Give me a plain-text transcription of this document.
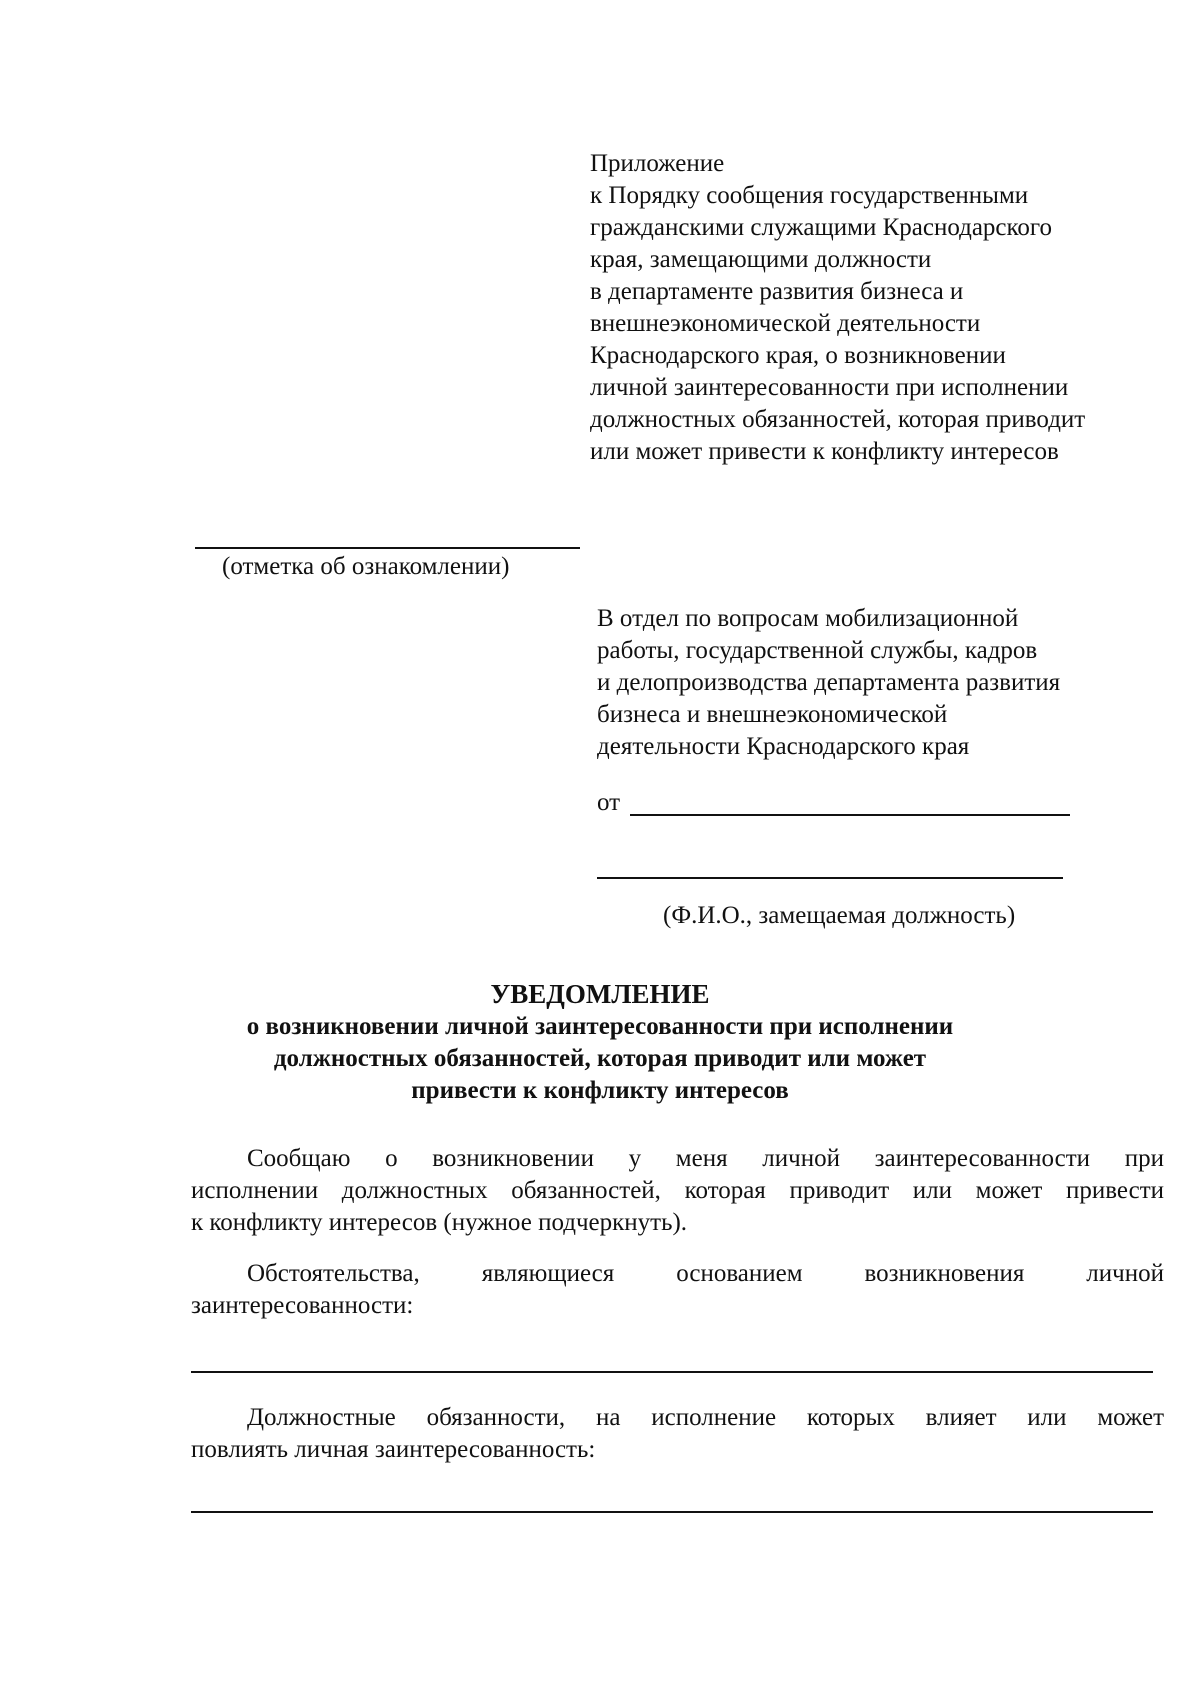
Приложение
к Порядку сообщения государственными
гражданскими служащими Краснодарского
края, замещающими должности
в департаменте развития бизнеса и
внешнеэкономической деятельности
Краснодарского края, о возникновении
личной заинтересованности при исполнении
должностных обязанностей, которая приводит
или может привести к конфликту интересов
(отметка об ознакомлении)
В отдел по вопросам мобилизационной
работы, государственной службы, кадров
и делопроизводства департамента развития
бизнеса и внешнеэкономической
деятельности Краснодарского края
от
(Ф.И.О., замещаемая должность)
УВЕДОМЛЕНИЕ
о возникновении личной заинтересованности при исполнении
должностных обязанностей, которая приводит или может
привести к конфликту интересов
Сообщаю о возникновении у меня личной заинтересованности при
исполнении должностных обязанностей, которая приводит или может привести
к конфликту интересов (нужное подчеркнуть).
Обстоятельства, являющиеся основанием возникновения личной
заинтересованности:
Должностные обязанности, на исполнение которых влияет или может
повлиять личная заинтересованность:
